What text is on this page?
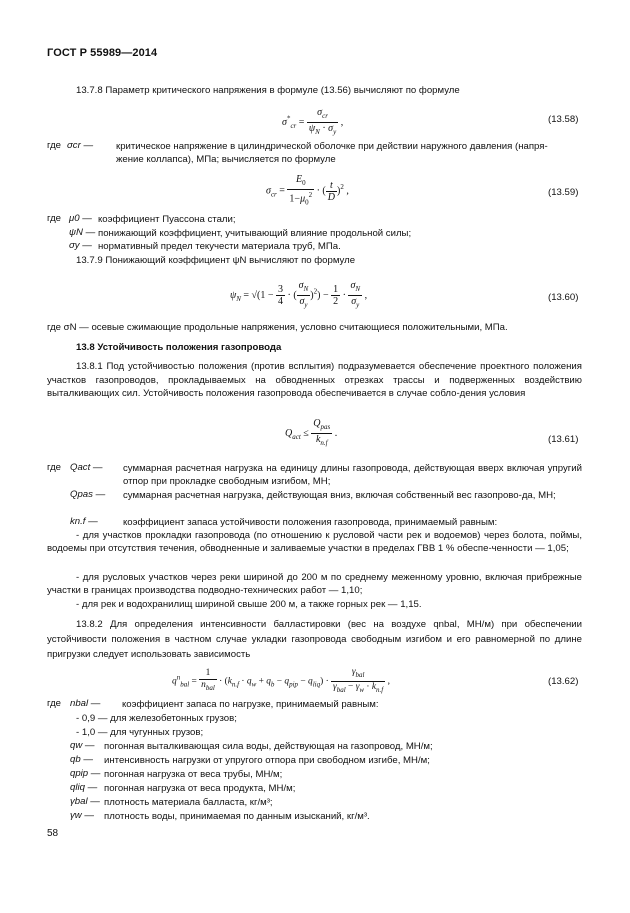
ГОСТ Р 55989—2014
13.7.8 Параметр критического напряжения в формуле (13.56) вычисляют по формуле
$\sigma^*_{cr} = \frac{\sigma_{cr}}{\psi_N \cdot \sigma_y}$ ,	(13.58)
где σcr — критическое напряжение в цилиндрической оболочке при действии наружного давления (напря-
жение коллапса), МПа; вычисляется по формуле
$\sigma_{cr} = \frac{E_0}{1-\mu_0^2}$ · ( $\frac{t}{D} )^2$ ,	(13.59)
где μ0 — коэффициент Пуассона стали;
ψN — понижающий коэффициент, учитывающий влияние продольной силы;
σy — нормативный предел текучести материала труб, МПа.
13.7.9 Понижающий коэффициент ψN вычисляют по формуле
$\psi_N = √(1 - \frac{3}{4}$ · ( $\frac{\sigma_N}{\sigma_y} )^2) - \frac{1}{2} \cdot \frac{\sigma_N}{\sigma_y}$ ,	(13.60)
где σN — осевые сжимающие продольные напряжения, условно считающиеся положительными, МПа.
13.8 Устойчивость положения газопровода
13.8.1 Под устойчивостью положения (против всплытия) подразумевается обеспечение проектного положения участков газопроводов, прокладываемых на обводненных отрезках трассы и подверженных воздействию выталкивающих сил. Устойчивость положения газопровода обеспечивается в случае собло-дения условия
$Q_{act} \le \frac{Q_{pas}}{k_{n.f}}$ .
(13.61)
где Qact — суммарная расчетная нагрузка на единицу длины газопровода, действующая вверх включая упругий отпор при прокладке свободным изгибом, МН;
Qpas — суммарная расчетная нагрузка, действующая вниз, включая собственный вес газопрово-да, МН;
kn.f —	коэффициент запаса устойчивости положения газопровода, принимаемый равным:
- для участков прокладки газопровода (по отношению к русловой части рек и водоемов) через болота, поймы, водоемы при отсутствия течения, обводненные и заливаемые участки в пределах ГВВ 1 % обеспе-ченности — 1,05;
- для русловых участков через реки шириной до 200 м по среднему меженному уровню, включая прибрежные участки в границах производства подводно-технических работ — 1,10;
- для рек и водохранилищ шириной свыше 200 м, а также горных рек — 1,15.
13.8.2 Для определения интенсивности балластировки (вес на воздухе qnbal, МН/м) при обеспечении устойчивости положения в частном случае укладки газопровода свободным изгибом и его равномерной по длине пригрузки следует использовать зависимость
$q^n_{bal} = \frac{1}{n_{bal}} \cdot (k_{n.f} \cdot q_w + q_b - q_{pip} - q_{liq}) \cdot \frac{\gamma_{bal}}{\gamma_{bal} - \gamma_w \cdot k_{n.f}}$ ,	(13.62)
где nbal — коэффициент запаса по нагрузке, принимаемый равным:
- 0,9 — для железобетонных грузов;
- 1,0 — для чугунных грузов;
qw — погонная выталкивающая сила воды, действующая на газопровод, МН/м;
qb — интенсивность нагрузки от упругого отпора при свободном изгибе, МН/м;
qpip — погонная нагрузка от веса трубы, МН/м;
qliq — погонная нагрузка от веса продукта, МН/м;
γbal — плотность материала балласта, кг/м³;
γw — плотность воды, принимаемая по данным изысканий, кг/м³.
58
